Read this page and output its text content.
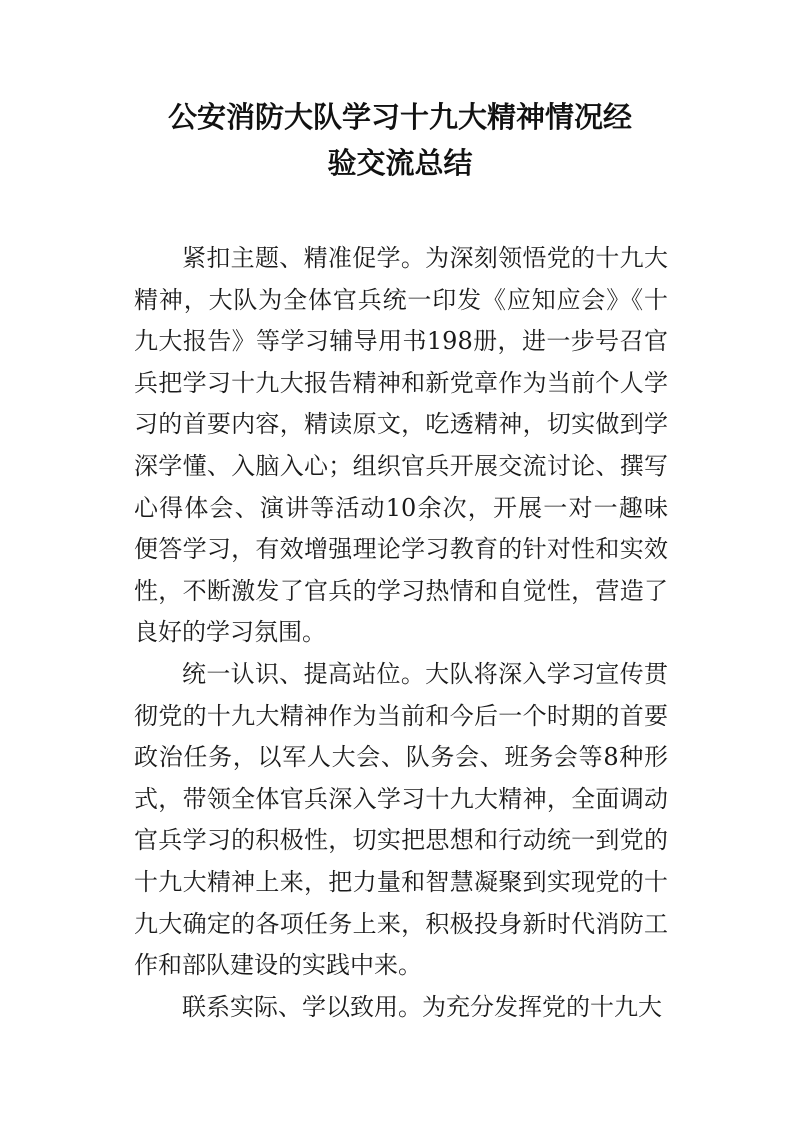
公安消防大队学习十九大精神情况经
验交流总结

紧扣主题、精准促学。为深刻领悟党的十九大精神，大队为全体官兵统一印发《应知应会》《十九大报告》等学习辅导用书198册，进一步号召官兵把学习十九大报告精神和新党章作为当前个人学习的首要内容，精读原文，吃透精神，切实做到学深学懂、入脑入心；组织官兵开展交流讨论、撰写心得体会、演讲等活动10余次，开展一对一趣味便答学习，有效增强理论学习教育的针对性和实效性，不断激发了官兵的学习热情和自觉性，营造了良好的学习氛围。

统一认识、提高站位。大队将深入学习宣传贯彻党的十九大精神作为当前和今后一个时期的首要政治任务，以军人大会、队务会、班务会等8种形式，带领全体官兵深入学习十九大精神，全面调动官兵学习的积极性，切实把思想和行动统一到党的十九大精神上来，把力量和智慧凝聚到实现党的十九大确定的各项任务上来，积极投身新时代消防工作和部队建设的实践中来。

联系实际、学以致用。为充分发挥党的十九大
